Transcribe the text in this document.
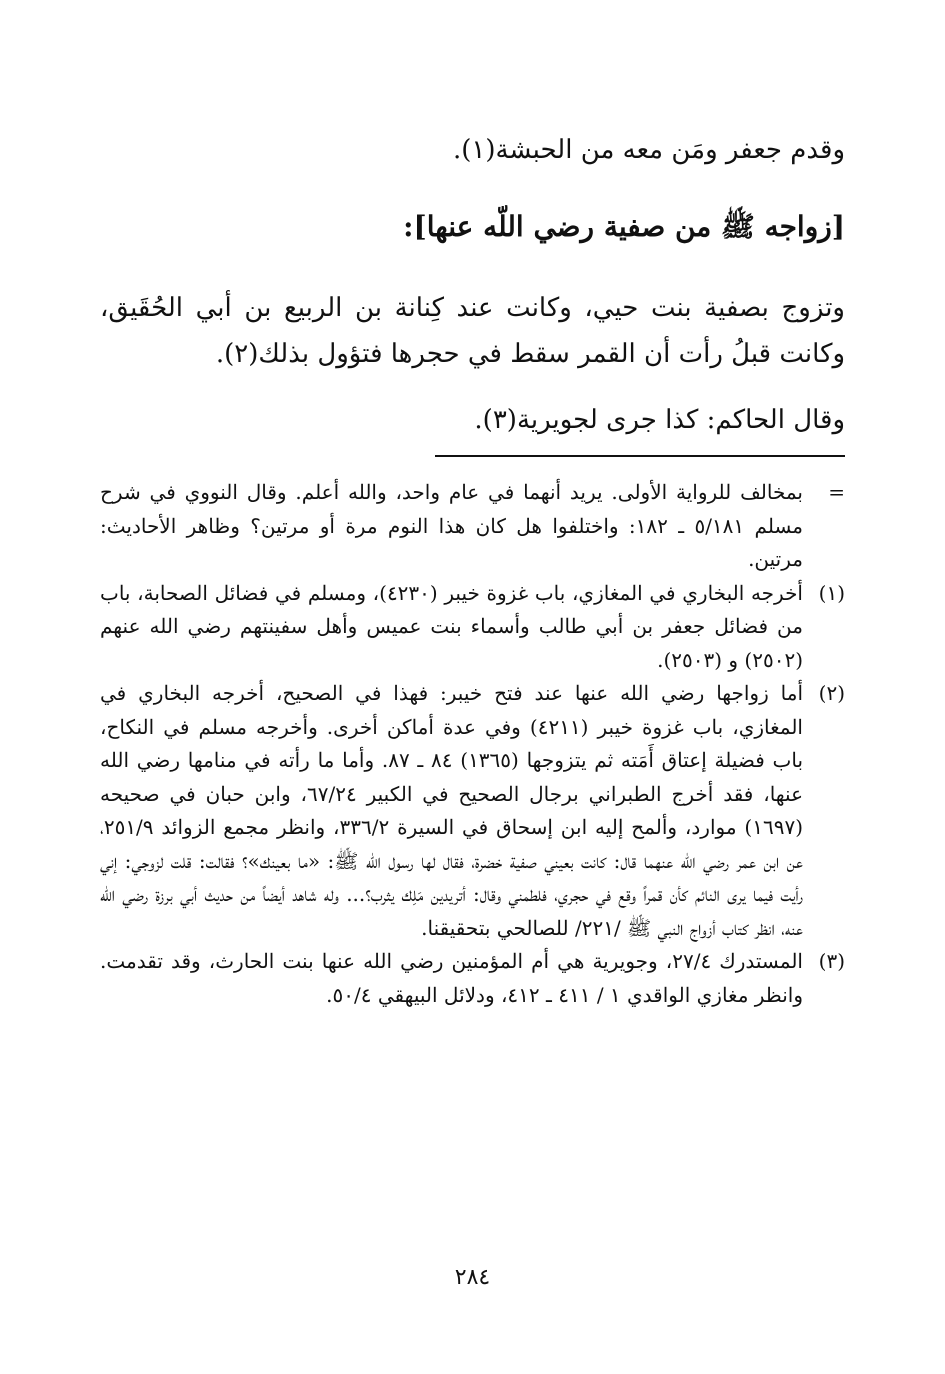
وقدم جعفر ومَن معه من الحبشة(١).
[زواجه ﷺ من صفية رضي اللّه عنها]:
وتزوج بصفية بنت حيي، وكانت عند كِنانة بن الربيع بن أبي الحُقَيق، وكانت قبلُ رأت أن القمر سقط في حجرها فتؤول بذلك(٢).
وقال الحاكم: كذا جرى لجويرية(٣).
=
بمخالف للرواية الأولى. يريد أنهما في عام واحد، والله أعلم. وقال النووي في شرح مسلم ٥/١٨١ ـ ١٨٢: واختلفوا هل كان هذا النوم مرة أو مرتين؟ وظاهر الأحاديث: مرتين.
(١)
أخرجه البخاري في المغازي، باب غزوة خيبر (٤٢٣٠)، ومسلم في فضائل الصحابة، باب من فضائل جعفر بن أبي طالب وأسماء بنت عميس وأهل سفينتهم رضي الله عنهم (٢٥٠٢) و (٢٥٠٣).
(٢)
أما زواجها رضي الله عنها عند فتح خيبر: فهذا في الصحيح، أخرجه البخاري في المغازي، باب غزوة خيبر (٤٢١١) وفي عدة أماكن أخرى. وأخرجه مسلم في النكاح، باب فضيلة إعتاق أَمَته ثم يتزوجها (١٣٦٥) ٨٤ ـ ٨٧. وأما ما رأته في منامها رضي الله عنها، فقد أخرج الطبراني برجال الصحيح في الكبير ٦٧/٢٤، وابن حبان في صحيحه (١٦٩٧) موارد، وألمح إليه ابن إسحاق في السيرة ٣٣٦/٢، وانظر مجمع الزوائد ٢٥١/٩، عن ابن عمر رضي الله عنهما قال: كانت بعيني صفية خضرة، فقال لها رسول الله ﷺ: «ما بعينك»؟ فقالت: قلت لزوجي: إني رأيت فيما يرى النائم كأن قمراً وقع في حجري، فلطمني وقال: أتريدين مَلِك يثرب؟... وله شاهد أيضاً من حديث أبي برزة رضي الله عنه، انظر كتاب أزواج النبي ﷺ /٢٢١/ للصالحي بتحقيقنا.
(٣)
المستدرك ٢٧/٤، وجويرية هي أم المؤمنين رضي الله عنها بنت الحارث، وقد تقدمت. وانظر مغازي الواقدي ١ / ٤١١ ـ ٤١٢، ودلائل البيهقي ٥٠/٤.
٢٨٤
